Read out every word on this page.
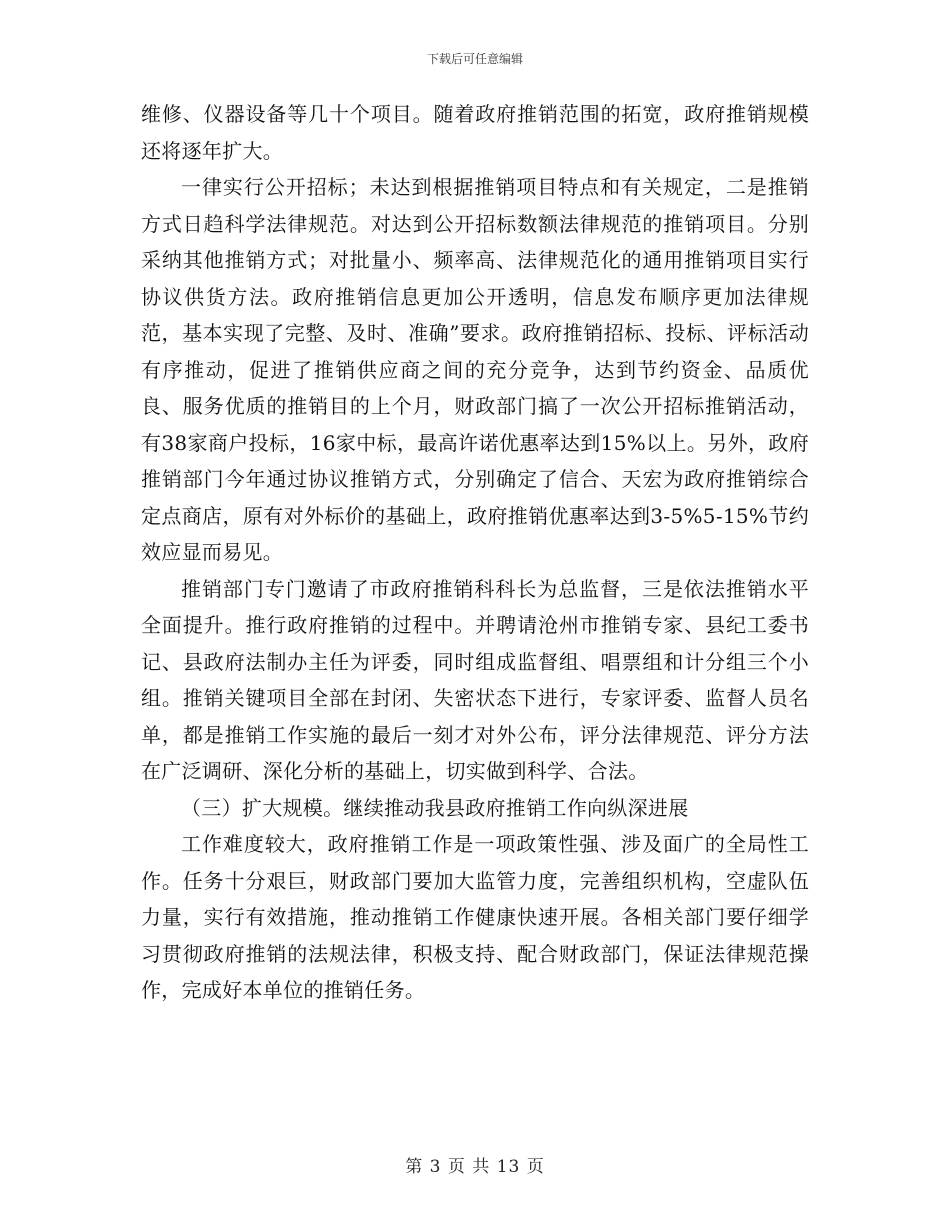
下载后可任意编辑

维修、仪器设备等几十个项目。随着政府推销范围的拓宽，政府推销规模还将逐年扩大。

一律实行公开招标；未达到根据推销项目特点和有关规定，二是推销方式日趋科学法律规范。对达到公开招标数额法律规范的推销项目。分别采纳其他推销方式；对批量小、频率高、法律规范化的通用推销项目实行协议供货方法。政府推销信息更加公开透明，信息发布顺序更加法律规范，基本实现了完整、及时、准确”要求。政府推销招标、投标、评标活动有序推动，促进了推销供应商之间的充分竞争，达到节约资金、品质优良、服务优质的推销目的上个月，财政部门搞了一次公开招标推销活动，有38家商户投标，16家中标，最高许诺优惠率达到15%以上。另外，政府推销部门今年通过协议推销方式，分别确定了信合、天宏为政府推销综合定点商店，原有对外标价的基础上，政府推销优惠率达到3-5%5-15%节约效应显而易见。

推销部门专门邀请了市政府推销科科长为总监督，三是依法推销水平全面提升。推行政府推销的过程中。并聘请沧州市推销专家、县纪工委书记、县政府法制办主任为评委，同时组成监督组、唱票组和计分组三个小组。推销关键项目全部在封闭、失密状态下进行，专家评委、监督人员名单，都是推销工作实施的最后一刻才对外公布，评分法律规范、评分方法在广泛调研、深化分析的基础上，切实做到科学、合法。

（三）扩大规模。继续推动我县政府推销工作向纵深进展

工作难度较大，政府推销工作是一项政策性强、涉及面广的全局性工作。任务十分艰巨，财政部门要加大监管力度，完善组织机构，空虚队伍力量，实行有效措施，推动推销工作健康快速开展。各相关部门要仔细学习贯彻政府推销的法规法律，积极支持、配合财政部门，保证法律规范操作，完成好本单位的推销任务。

第 3 页 共 13 页
